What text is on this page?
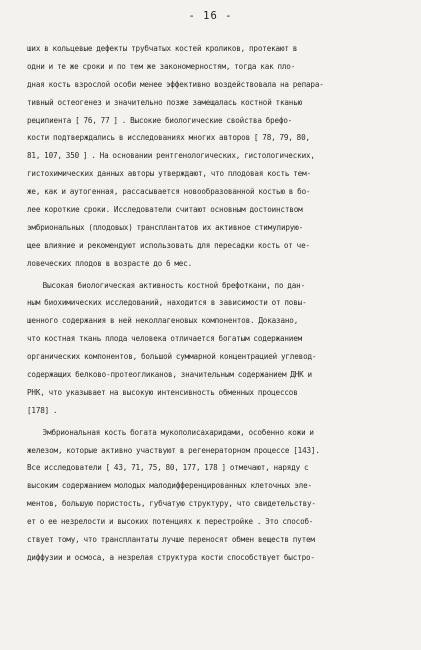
- 16 -
ших в кольцевые дефекты трубчатых костей кроликов, протекают в
одни и те же сроки и по тем же закономерностям, тогда как пло-
дная кость взрослой особи менее эффективно воздействовала на репара-
тивный остеогенез и значительно позже замещалась костной тканью
реципиента [ 76, 77 ] . Высокие биологические свойства брефо-
кости подтверждались в исследованиях многих авторов [ 78, 79, 80,
81, 107, 350 ] . На основании рентгенологических, гистологических,
гистохимических данных авторы утверждают, что плодовая кость тем-
же, как и аутогенная, рассасывается новообразованной костью в бо-
лее короткие сроки. Исследователи считают основным достоинством
эмбриональных (плодовых) трансплантатов их активное стимулирую-
щее влияние и рекомендуют использовать для пересадки кость от че-
ловеческих плодов в возрасте до 6 мес.
Высокая биологическая активность костной брефоткани, по дан-
ным биохимических исследований, находится в зависимости от повы-
шенного содержания в ней неколлагеновых компонентов. Доказано,
что костная ткань плода человека отличается богатым содержанием
органических компонентов, большой суммарной концентрацией углевод-
содержащих белково-протеогликанов, значительным содержанием ДНК и
РНК, что указывает на высокую интенсивность обменных процессов
[178] .
Эмбриональная кость богата мукополисахаридами, особенно кожи и
железом, которые активно участвуют в регенераторном процессе [143].
Все исследователи [ 43, 71, 75, 80, 177, 178 ] отмечают, наряду с
высоким содержанием молодых малодифференцированных клеточных эле-
ментов, большую пористость, губчатую структуру, что свидетельству-
ет о ее незрелости и высоких потенциях к перестройке . Это способ-
ствует тому, что трансплантаты лучше переносят обмен веществ путем
диффузии и осмоса, а незрелая структура кости способствует быстро-
